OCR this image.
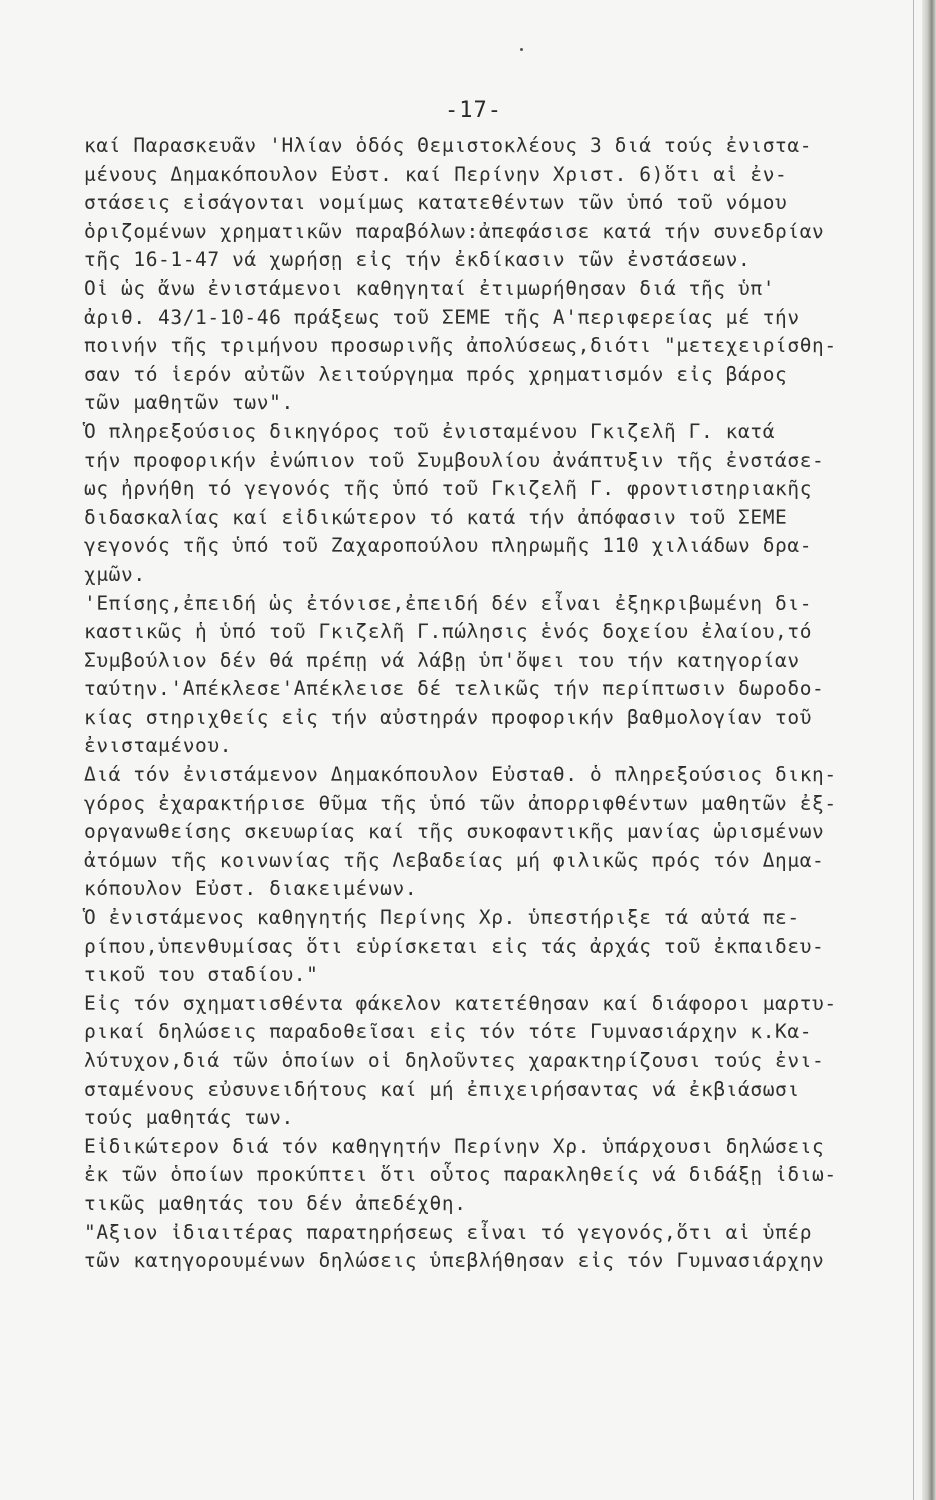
-17-
καί Παρασκευᾶν 'Ηλίαν ὁδός Θεμιστοκλέους 3 διά τούς ἐνιστα-
μένους Δημακόπουλον Εὐστ. καί Περίνην Χριστ. 6)ὅτι αἱ ἐν-
στάσεις εἰσάγονται νομίμως κατατεθέντων τῶν ὑπό τοῦ νόμου
ὁριζομένων χρηματικῶν παραβόλων:ἀπεφάσισε κατά τήν συνεδρίαν
τῆς 16-1-47 νά χωρήσῃ εἰς τήν ἐκδίκασιν τῶν ἐνστάσεων.
Οἱ ὡς ἄνω ἐνιστάμενοι καθηγηταί ἐτιμωρήθησαν διά τῆς ὑπ'
ἀριθ. 43/1-10-46 πράξεως τοῦ ΣΕΜΕ τῆς Α'περιφερείας μέ τήν
ποινήν τῆς τριμήνου προσωρινῆς ἀπολύσεως,διότι "μετεχειρίσθη-
σαν τό ἱερόν αὐτῶν λειτούργημα πρός χρηματισμόν εἰς βάρος
τῶν μαθητῶν των".
Ὁ πληρεξούσιος δικηγόρος τοῦ ἐνισταμένου Γκιζελῆ Γ. κατά
τήν προφορικήν ἐνώπιον τοῦ Συμβουλίου ἀνάπτυξιν τῆς ἐνστάσε-
ως ἠρνήθη τό γεγονός τῆς ὑπό τοῦ Γκιζελῆ Γ. φροντιστηριακῆς
διδασκαλίας καί εἰδικώτερον τό κατά τήν ἀπόφασιν τοῦ ΣΕΜΕ
γεγονός τῆς ὑπό τοῦ Ζαχαροπούλου πληρωμῆς 110 χιλιάδων δρα-
χμῶν.
'Επίσης,ἐπειδή ὡς ἐτόνισε,ἐπειδή δέν εἶναι ἐξηκριβωμένη δι-
καστικῶς ἡ ὑπό τοῦ Γκιζελῆ Γ.πώλησις ἑνός δοχείου ἐλαίου,τό
Συμβούλιον δέν θά πρέπῃ νά λάβῃ ὑπ'ὄψει του τήν κατηγορίαν
ταύτην.'Απέκλεσε'Απέκλεισε δέ τελικῶς τήν περίπτωσιν δωροδο-
κίας στηριχθείς εἰς τήν αὐστηράν προφορικήν βαθμολογίαν τοῦ
ἐνισταμένου.
Διά τόν ἐνιστάμενον Δημακόπουλον Εὐσταθ. ὁ πληρεξούσιος δικη-
γόρος ἐχαρακτήρισε θῦμα τῆς ὑπό τῶν ἀπορριφθέντων μαθητῶν ἐξ-
οργανωθείσης σκευωρίας καί τῆς συκοφαντικῆς μανίας ὡρισμένων
ἀτόμων τῆς κοινωνίας τῆς Λεβαδείας μή φιλικῶς πρός τόν Δημα-
κόπουλον Εὐστ. διακειμένων.
Ὁ ἐνιστάμενος καθηγητής Περίνης Χρ. ὑπεστήριξε τά αὐτά πε-
ρίπου,ὑπενθυμίσας ὅτι εὑρίσκεται εἰς τάς ἀρχάς τοῦ ἐκπαιδευ-
τικοῦ του σταδίου."
Εἰς τόν σχηματισθέντα φάκελον κατετέθησαν καί διάφοροι μαρτυ-
ρικαί δηλώσεις παραδοθεῖσαι εἰς τόν τότε Γυμνασιάρχην κ.Κα-
λύτυχον,διά τῶν ὁποίων οἱ δηλοῦντες χαρακτηρίζουσι τούς ἐνι-
σταμένους εὐσυνειδήτους καί μή ἐπιχειρήσαντας νά ἐκβιάσωσι
τούς μαθητάς των.
Εἰδικώτερον διά τόν καθηγητήν Περίνην Χρ. ὑπάρχουσι δηλώσεις
ἐκ τῶν ὁποίων προκύπτει ὅτι οὗτος παρακληθείς νά διδάξῃ ἰδιω-
τικῶς μαθητάς του δέν ἀπεδέχθη.
"Αξιον ἰδιαιτέρας παρατηρήσεως εἶναι τό γεγονός,ὅτι αἱ ὑπέρ
τῶν κατηγορουμένων δηλώσεις ὑπεβλήθησαν εἰς τόν Γυμνασιάρχην
